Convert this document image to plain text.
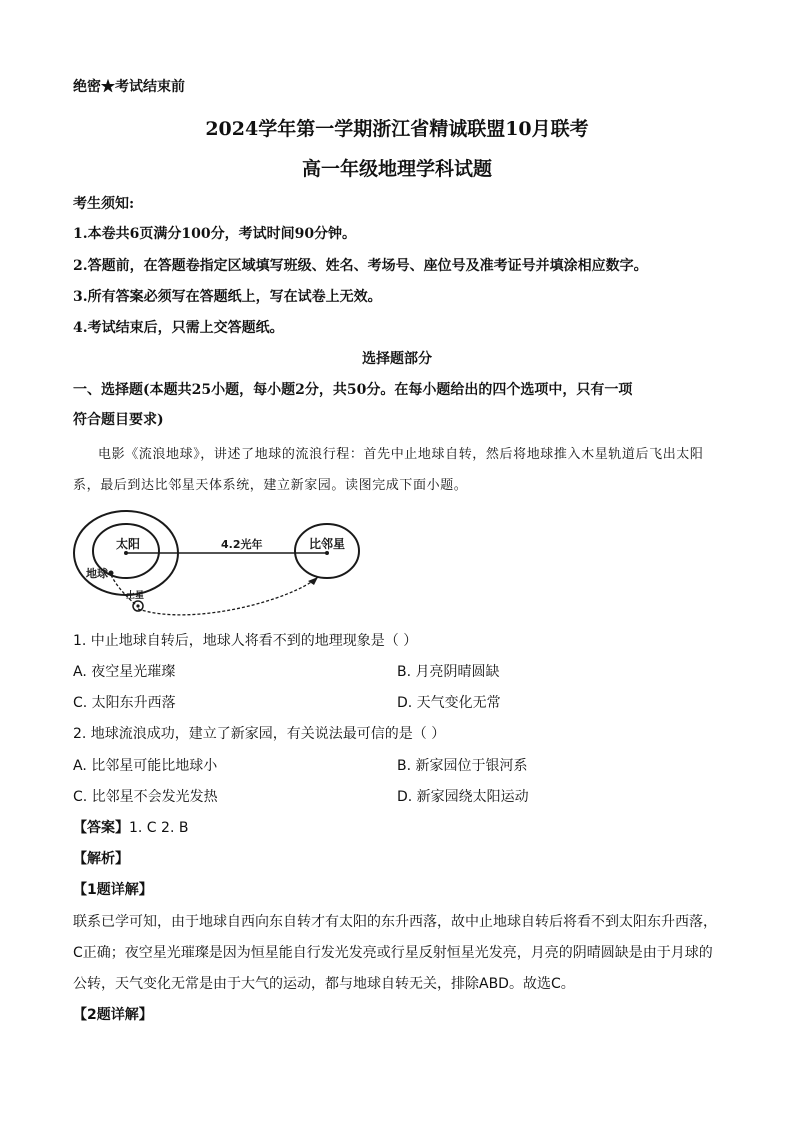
绝密★考试结束前
2024学年第一学期浙江省精诚联盟10月联考
高一年级地理学科试题
考生须知:
1.本卷共6页满分100分，考试时间90分钟。
2.答题前，在答题卷指定区域填写班级、姓名、考场号、座位号及准考证号并填涂相应数字。
3.所有答案必须写在答题纸上，写在试卷上无效。
4.考试结束后，只需上交答题纸。
选择题部分
一、选择题(本题共25小题，每小题2分，共50分。在每小题给出的四个选项中，只有一项
符合题目要求)
电影《流浪地球》，讲述了地球的流浪行程：首先中止地球自转，然后将地球推入木星轨道后飞出太阳
系，最后到达比邻星天体系统，建立新家园。读图完成下面小题。
太阳	4.2光年	比邻星
地球
土星
1. 中止地球自转后，地球人将看不到的地理现象是（ ）
A. 夜空星光璀璨	B. 月亮阴晴圆缺
C. 太阳东升西落	D. 天气变化无常
2. 地球流浪成功，建立了新家园，有关说法最可信的是（ ）
A. 比邻星可能比地球小	B. 新家园位于银河系
C. 比邻星不会发光发热	D. 新家园绕太阳运动
【答案】1. C 2. B
【解析】
【1题详解】
联系已学可知，由于地球自西向东自转才有太阳的东升西落，故中止地球自转后将看不到太阳东升西落，
C正确；夜空星光璀璨是因为恒星能自行发光发亮或行星反射恒星光发亮，月亮的阴晴圆缺是由于月球的
公转，天气变化无常是由于大气的运动，都与地球自转无关，排除ABD。故选C。
【2题详解】
